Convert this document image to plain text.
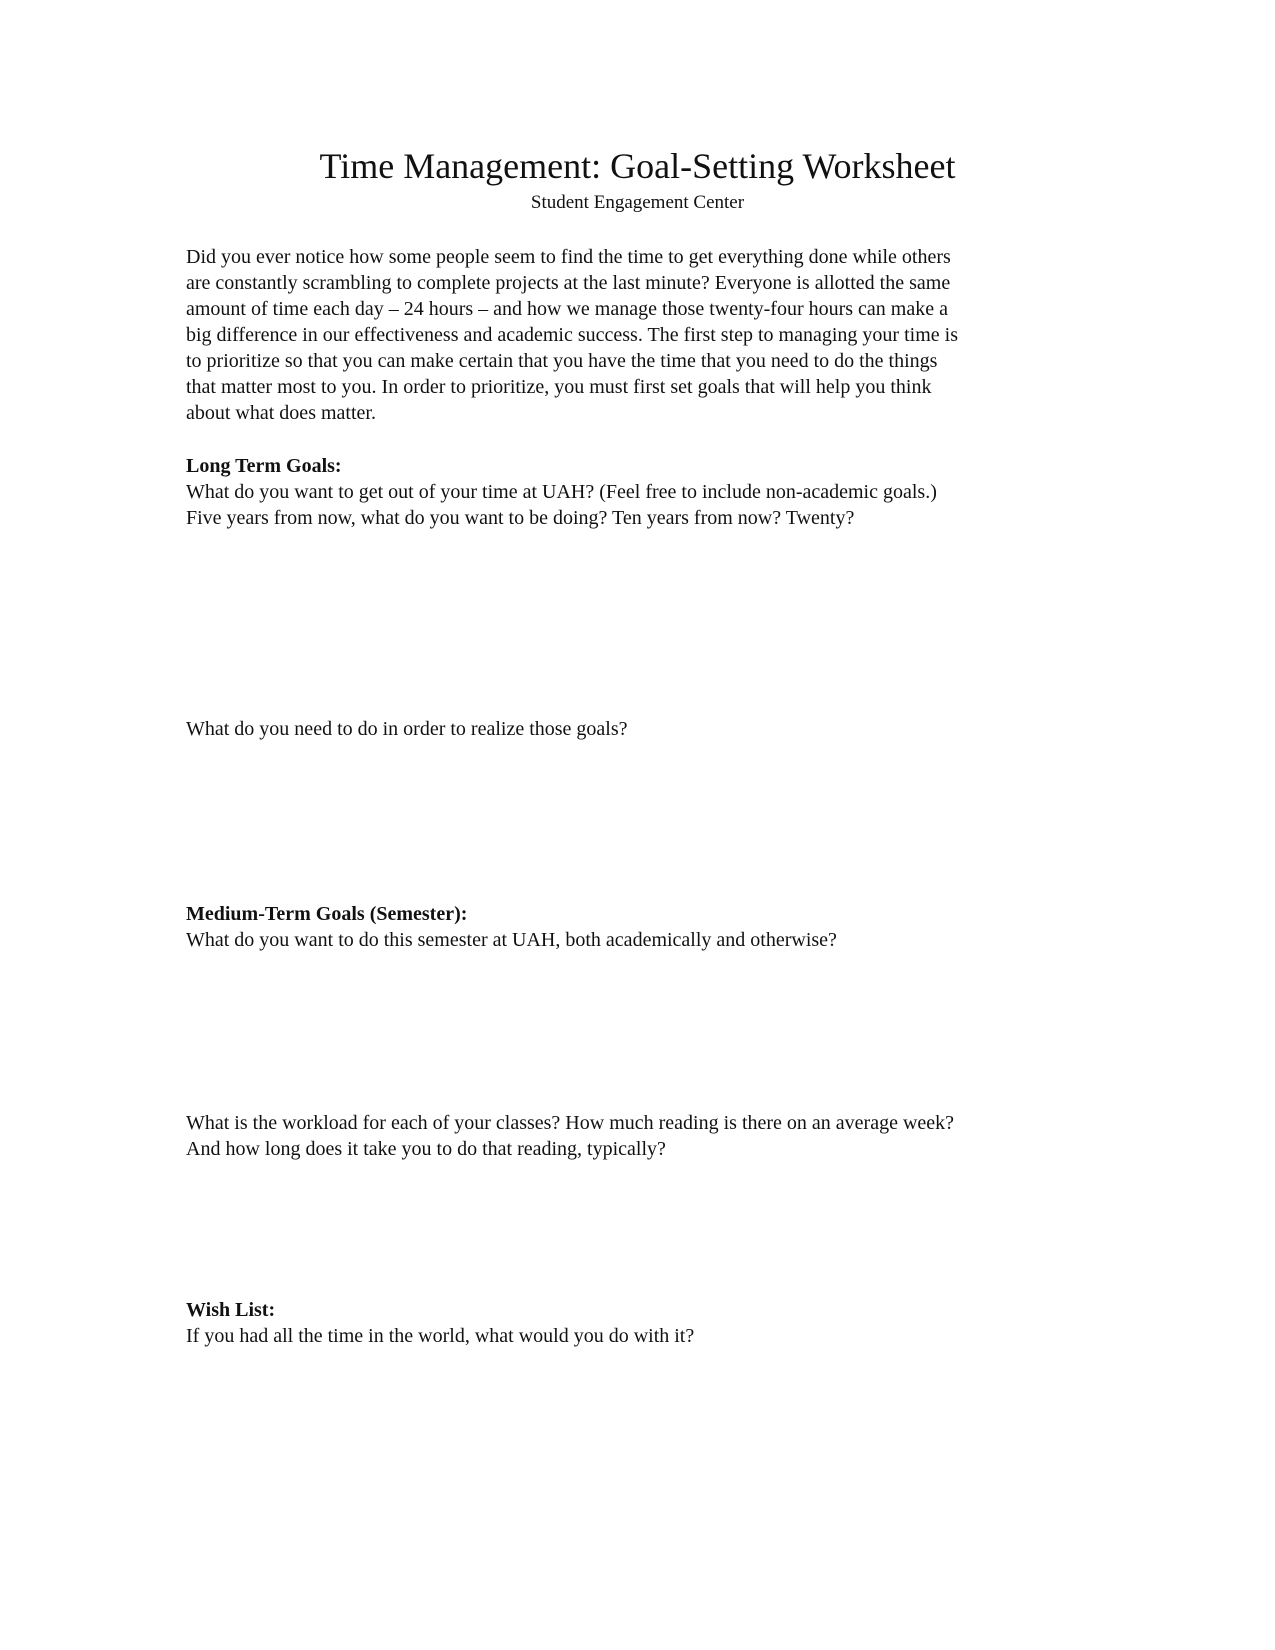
Time Management: Goal-Setting Worksheet
Student Engagement Center

Did you ever notice how some people seem to find the time to get everything done while others
are constantly scrambling to complete projects at the last minute? Everyone is allotted the same
amount of time each day – 24 hours – and how we manage those twenty-four hours can make a
big difference in our effectiveness and academic success. The first step to managing your time is
to prioritize so that you can make certain that you have the time that you need to do the things
that matter most to you. In order to prioritize, you must first set goals that will help you think
about what does matter.

Long Term Goals:
What do you want to get out of your time at UAH? (Feel free to include non-academic goals.)
Five years from now, what do you want to be doing? Ten years from now? Twenty?
What do you need to do in order to realize those goals?
Medium-Term Goals (Semester):
What do you want to do this semester at UAH, both academically and otherwise?
What is the workload for each of your classes? How much reading is there on an average week?
And how long does it take you to do that reading, typically?
Wish List:
If you had all the time in the world, what would you do with it?
